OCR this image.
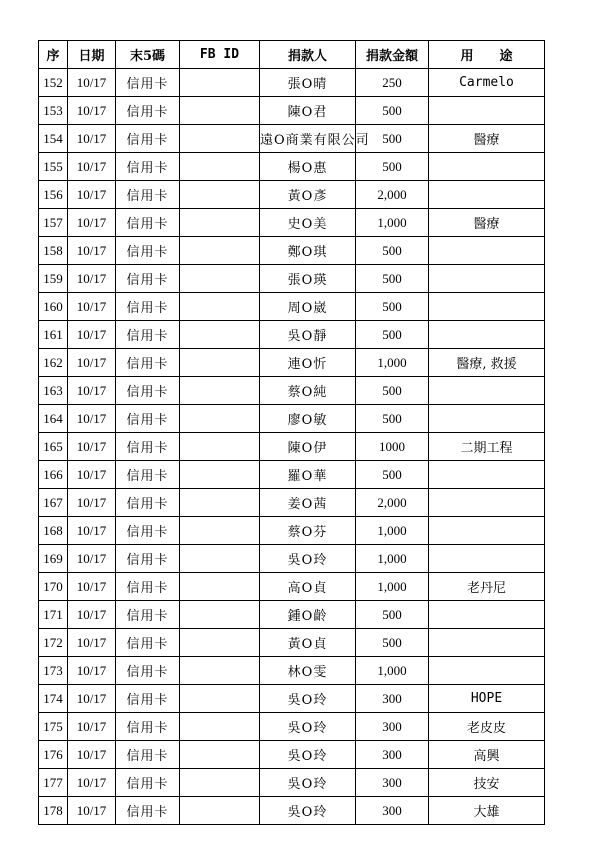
序	日期	末5碼	FB ID	捐款人	捐款金額	用　　途
152	10/17	信用卡		張O晴	250	Carmelo
153	10/17	信用卡		陳O君	500	
154	10/17	信用卡		遠O商業有限公司	500	醫療
155	10/17	信用卡		楊O惠	500	
156	10/17	信用卡		黃O彥	2,000	
157	10/17	信用卡		史O美	1,000	醫療
158	10/17	信用卡		鄭O琪	500	
159	10/17	信用卡		張O瑛	500	
160	10/17	信用卡		周O崴	500	
161	10/17	信用卡		吳O靜	500	
162	10/17	信用卡		連O忻	1,000	醫療, 救援
163	10/17	信用卡		蔡O純	500	
164	10/17	信用卡		廖O敏	500	
165	10/17	信用卡		陳O伊	1000	二期工程
166	10/17	信用卡		羅O華	500	
167	10/17	信用卡		姜O茜	2,000	
168	10/17	信用卡		蔡O芬	1,000	
169	10/17	信用卡		吳O玲	1,000	
170	10/17	信用卡		高O貞	1,000	老丹尼
171	10/17	信用卡		鍾O齡	500	
172	10/17	信用卡		黃O貞	500	
173	10/17	信用卡		林O雯	1,000	
174	10/17	信用卡		吳O玲	300	HOPE
175	10/17	信用卡		吳O玲	300	老皮皮
176	10/17	信用卡		吳O玲	300	高興
177	10/17	信用卡		吳O玲	300	技安
178	10/17	信用卡		吳O玲	300	大雄
